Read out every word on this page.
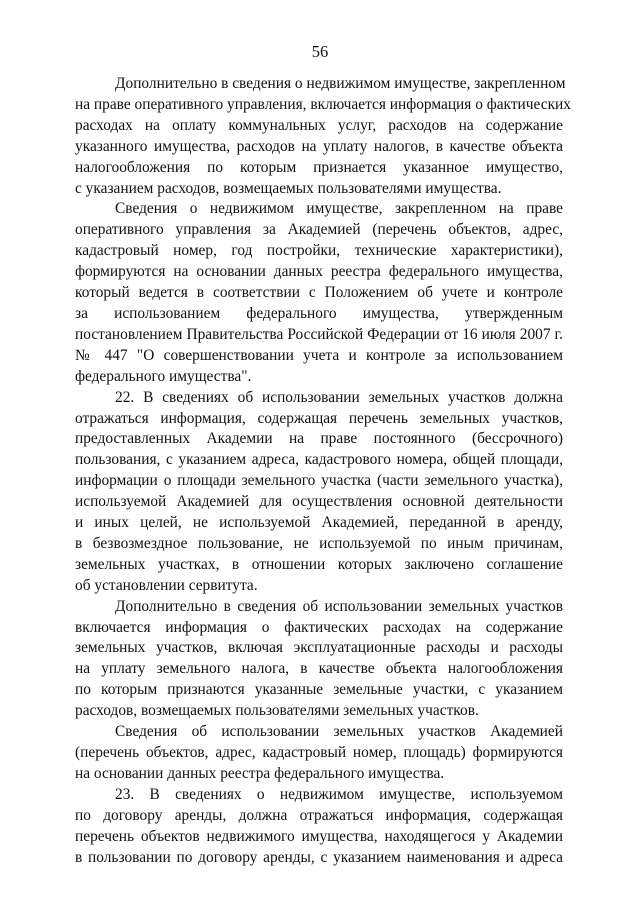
56
Дополнительно в сведения о недвижимом имуществе, закрепленном
на праве оперативного управления, включается информация о фактических
расходах на оплату коммунальных услуг, расходов на содержание
указанного имущества, расходов на уплату налогов, в качестве объекта
налогообложения по которым признается указанное имущество,
с указанием расходов, возмещаемых пользователями имущества.
Сведения о недвижимом имуществе, закрепленном на праве
оперативного управления за Академией (перечень объектов, адрес,
кадастровый номер, год постройки, технические характеристики),
формируются на основании данных реестра федерального имущества,
который ведется в соответствии с Положением об учете и контроле
за использованием федерального имущества, утвержденным
постановлением Правительства Российской Федерации от 16 июля 2007 г.
№ 447 "О совершенствовании учета и контроле за использованием
федерального имущества".
22. В сведениях об использовании земельных участков должна
отражаться информация, содержащая перечень земельных участков,
предоставленных Академии на праве постоянного (бессрочного)
пользования, с указанием адреса, кадастрового номера, общей площади,
информации о площади земельного участка (части земельного участка),
используемой Академией для осуществления основной деятельности
и иных целей, не используемой Академией, переданной в аренду,
в безвозмездное пользование, не используемой по иным причинам,
земельных участках, в отношении которых заключено соглашение
об установлении сервитута.
Дополнительно в сведения об использовании земельных участков
включается информация о фактических расходах на содержание
земельных участков, включая эксплуатационные расходы и расходы
на уплату земельного налога, в качестве объекта налогообложения
по которым признаются указанные земельные участки, с указанием
расходов, возмещаемых пользователями земельных участков.
Сведения об использовании земельных участков Академией
(перечень объектов, адрес, кадастровый номер, площадь) формируются
на основании данных реестра федерального имущества.
23. В сведениях о недвижимом имуществе, используемом
по договору аренды, должна отражаться информация, содержащая
перечень объектов недвижимого имущества, находящегося у Академии
в пользовании по договору аренды, с указанием наименования и адреса
